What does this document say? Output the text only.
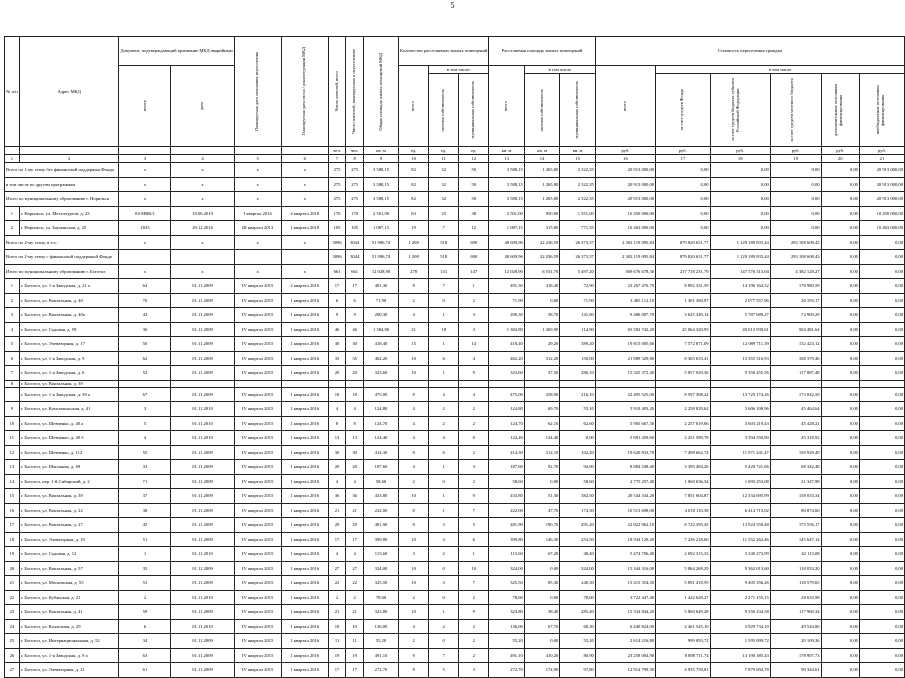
5
№ п/п	Адрес МКД	Документ, подтверждающий признание МКД аварийным		Планируемая дата окончания переселения	Планируемая дата сноса / реконструкции МКД	Число жителей, всего	Число жителей, планируемых к переселению	Общая площадь жилых помещений МКД	Количество расселяемых жилых помещений			Расселяемая площадь жилых помещений			Стоимость переселения граждан					

		номер	дата						всего	в том числе:		всего	в том числе		всего	в том числе				

										частная собственность	муниципальная собственность		частная собственность	муниципальная собственность		за счет средств Фонда	за счет средств бюджета субъекта Российской Федерации	за счет средств местного бюджета	дополнительные источники финансирования	внебюджетные источники финансирования

						чел.	чел.	кв. м	ед.	ед.	ед.	кв. м	кв. м	кв. м	руб.	руб.	руб.	руб.	руб.	руб.
1	2	3	4	5	6	7	8	9	10	11	12	13	14	15	16	17	18	19	20	21
Всего по 1-му этапу без финансовой поддержки Фонда		x	x	x	x	275	275	3 588,15	82	32	50	3 588,15	1 265,80	2 322,35	20 913 000,00	0,00	0,00	0,00	0,00	20 913 000,00
в том числе по другим программам		x	x	x	x	275	275	3 588,15	82	32	50	3 588,15	1 265,80	2 322,35	20 913 000,00	0,00	0,00	0,00	0,00	20 913 000,00
Итого по муниципальному образованию г. Норильск		x	x	x	x	275	275	3 588,15	82	32	50	3 588,15	1 265,80	2 322,35	20 913 000,00	0,00	0,00	0,00	0,00	20 913 000,00
1	г. Норильск, ул. Металлургов, д. 23	04-МВК/1	10.06.2019	I квартал 2014	4 квартал 2018	170	170	2 501,00	63	25	38	2 501,00	950,00	1 551,00	10 450 000,00	0,00	0,00	0,00	0,00	10 450 000,00
2	г. Норильск, ул. Бауманская, д. 25	1833	29.12.2016	III квартал 2013	1 квартал 2018	105	105	1 087,15	19	7	12	1 087,15	315,80	771,35	10 463 000,00	0,00	0,00	0,00	0,00	10 463 000,00
Всего по 2-му этапу, в т.ч.:		x	x	x	x	3096	3044	51 996,74	1 208	518	690	48 609,96	22 236,59	26 373,37	2 302 119 095,84	879 820 651,77	1 129 189 835,44	293 108 608,43	0,00	0,00
Всего по 2-му этапу с финансовой поддержкой Фонда						3096	3044	51 996,74	1 208	518	690	48 609,96	22 236,59	26 373,37	2 302 119 095,84	879 820 651,77	1 129 189 835,44	293 108 608,43	0,00	0,00
Итого по муниципальному образованию г. Боготол		x	x	x	x	661	661	12 028,90	278	131	147	12 028,90	6 531,70	5 497,20	369 676 678,30	217 718 231,79	147 576 313,04	4 382 128,27	0,00	0,00
1	г. Боготол, ул. 1-я Заводская, д. 21 а	64	01.11.2009	IV квартал 2015	2 квартал 2016	17	17	491,30	8	7	1	491,30	418,40	72,90	23 267 476,70	8 892 331,59	14 196 164,52	178 980,59	0,00	0,00
2	г. Боготол, ул. Вокзальная, д. 40	70	01.11.2009	IV квартал 2015	1 квартал 2016	6	6	71,90	2	0	2	71,90	0,00	71,90	3 405 112,10	1 301 360,97	2 077 557,96	26 193,17	0,00	0,00
3	г. Боготол, ул. Вокзальная, д. 40а	43	01.11.2009	IV квартал 2015	1 квартал 2016	9	9	200,30	4	1	3	200,30	58,70	141,60	9 486 007,70	3 625 349,14	5 787 689,27	72 969,29	0,00	0,00
4	г. Боготол, ул. Садовая, д. 59	36	01.11.2009	IV квартал 2015	1 квартал 2016	46	46	1 384,80	21	18	3	1 384,80	1 269,90	114,90	65 582 742,20	25 064 320,95	40 013 939,61	504 481,64	0,00	0,00
5	г. Боготол, ул. Элеваторная, д. 17	50	01.11.2009	IV квартал 2015	1 квартал 2016	30	30	418,40	15	1	14	418,40	29,20	389,20	19 815 005,60	7 572 871,09	12 089 711,39	152 423,12	0,00	0,00
6	г. Боготол, ул. 1-я Заводская, д. 9	62	01.11.2009	IV квартал 2015	1 квартал 2016	35	35	462,20	10	6	4	462,20	312,20	150,00	21 889 329,80	8 365 633,41	13 355 316,93	168 379,46	0,00	0,00
7	г. Боготол, ул. 1-я Заводская, д. 6	52	01.11.2009	IV квартал 2015	1 квартал 2016	20	20	323,60	10	1	9	323,60	37,50	286,10	15 325 372,40	5 857 029,36	9 350 455,56	117 887,48	0,00	0,00
8	г. Боготол, ул. Вокзальная, д. 39																			
	г. Боготол, ул. 1-я Заводская, д. 39 а	67	01.11.2009	IV квартал 2015	1 квартал 2016	18	18	475,00	8	4	4	475,00	258,90	216,10	22 495 525,00	8 597 308,24	13 725 174,26	173 042,50	0,00	0,00
9	г. Боготол, ул. Комсомольская, д. 41	3	01.11.2010	IV квартал 2015	1 квартал 2016	4	4	124,80	4	2	2	124,80	69,70	55,10	5 910 403,20	2 258 829,62	3 606 108,96	45 464,64	0,00	0,00
10	г. Боготол, ул. Шевченко, д. 40 а	5	01.11.2010	IV квартал 2015	1 квартал 2016	8	8	124,70	4	2	2	124,70	62,10	62,60	5 905 667,30	2 257 019,66	3 603 219,43	45 428,21	0,00	0,00
11	г. Боготол, ул. Шевченко, д. 40 б	4	01.11.2010	IV квартал 2015	1 квартал 2016	13	13	124,40	4	4	0	124,40	124,40	0,00	5 891 459,60	2 251 589,78	3 594 550,90	45 318,92	0,00	0,00
12	г. Боготол, ул. Шевченко, д. 112	55	01.11.2009	IV квартал 2015	1 квартал 2016	30	30	414,30	8	6	2	414,30	312,10	102,20	19 620 833,70	7 498 662,74	11 971 241,47	150 929,49	0,00	0,00
13	г. Боготол, ул. Школьная, д. 69	33	01.11.2009	IV квартал 2015	1 квартал 2016	20	20	187,60	4	1	3	187,60	92,70	94,90	8 884 548,40	3 395 484,26	5 420 721,66	68 342,48	0,00	0,00
14	г. Боготол, пер. 1-й Сибирский, д. 2	71	01.11.2009	IV квартал 2015	1 квартал 2016	4	4	58,60	2	0	2	58,60	0,00	58,60	2 775 257,40	1 060 636,34	1 693 253,08	21 347,98	0,00	0,00
15	г. Боготол, ул. Вокзальная, д. 39	37	01.11.2009	IV квартал 2015	1 квартал 2016	36	36	433,80	10	1	9	433,80	51,30	382,50	20 544 334,20	7 851 604,87	12 534 695,99	158 033,34	0,00	0,00
16	г. Боготол, ул. Вокзальная, д. 22	38	01.11.2009	IV квартал 2015	1 квартал 2016	21	21	222,00	8	1	7	222,00	47,70	174,30	10 513 698,00	4 018 110,38	6 414 713,02	80 874,60	0,00	0,00
17	г. Боготол, ул. Вокзальная, д. 27	45	01.11.2009	IV квартал 2015	1 квартал 2016	29	29	481,90	8	3	5	481,90	190,70	291,20	22 822 962,10	8 722 395,45	13 924 550,48	175 556,17	0,00	0,00
18	г. Боготол, ул. Элеваторная, д. 19	51	01.11.2009	IV квартал 2015	1 квартал 2016	17	17	399,80	10	4	6	399,80	146,30	253,50	18 934 129,20	7 236 218,60	11 552 262,46	145 647,14	0,00	0,00
19	г. Боготол, ул. Садовая, д. 12	1	01.11.2010	IV квартал 2015	1 квартал 2016	4	4	115,60	3	2	1	115,60	67,20	48,40	5 474 706,40	2 092 315,33	3 340 273,99	42 113,08	0,00	0,00
20	г. Боготол, ул. Вокзальная, д. 57	35	01.11.2009	IV квартал 2015	1 квартал 2016	27	27	324,00	10	0	10	324,00	0,00	324,00	15 344 316,00	5 864 269,29	9 362 013,60	118 033,20	0,00	0,00
21	г. Боготол, ул. Московская, д. 55	53	01.11.2009	IV квартал 2015	1 квартал 2016	22	22	325,50	10	3	7	325,50	85,30	240,30	15 415 354,50	5 891 418,59	9 405 356,26	118 579,65	0,00	0,00
22	г. Боготол, ул. Кубанская, д. 21	2	01.11.2010	IV квартал 2015	1 квартал 2016	2	2	78,60	2	0	2	78,60	0,00	78,60	3 722 447,40	1 422 628,27	2 271 155,15	28 633,98	0,00	0,00
23	г. Боготол, ул. Вокзальная, д. 41	59	01.11.2009	IV квартал 2015	1 квартал 2016	21	21	323,80	10	1	9	323,80	38,40	285,40	15 334 844,20	5 860 649,28	9 356 234,58	117 960,34	0,00	0,00
24	г. Боготол, ул. Колхозная, д. 29	6	01.11.2010	IV квартал 2015	1 квартал 2016	10	10	136,00	4	2	2	136,00	67,70	68,30	6 440 824,00	2 461 545,10	3 929 734,10	49 544,80	0,00	0,00
25	г. Боготол, ул. Интернациональная, д. 52	34	01.11.2009	IV квартал 2015	1 квартал 2016	11	11	55,20	2	0	2	55,20	0,00	55,20	2 614 216,80	999 093,72	1 595 009,72	20 109,36	0,00	0,00
26	г. Боготол, ул. 1-я Заводская, д. 9 а	63	01.11.2009	IV квартал 2015	1 квартал 2016	19	19	491,10	9	7	2	491,10	410,20	80,90	23 258 004,90	8 888 711,74	14 190 385,43	178 907,73	0,00	0,00
27	г. Боготол, ул. Элеваторная, д. 21	61	01.11.2009	IV квартал 2015	1 квартал 2016	17	17	272,70	8	5	3	272,70	174,90	97,80	12 914 799,30	4 935 759,81	7 879 694,78	99 344,61	0,00	0,00
